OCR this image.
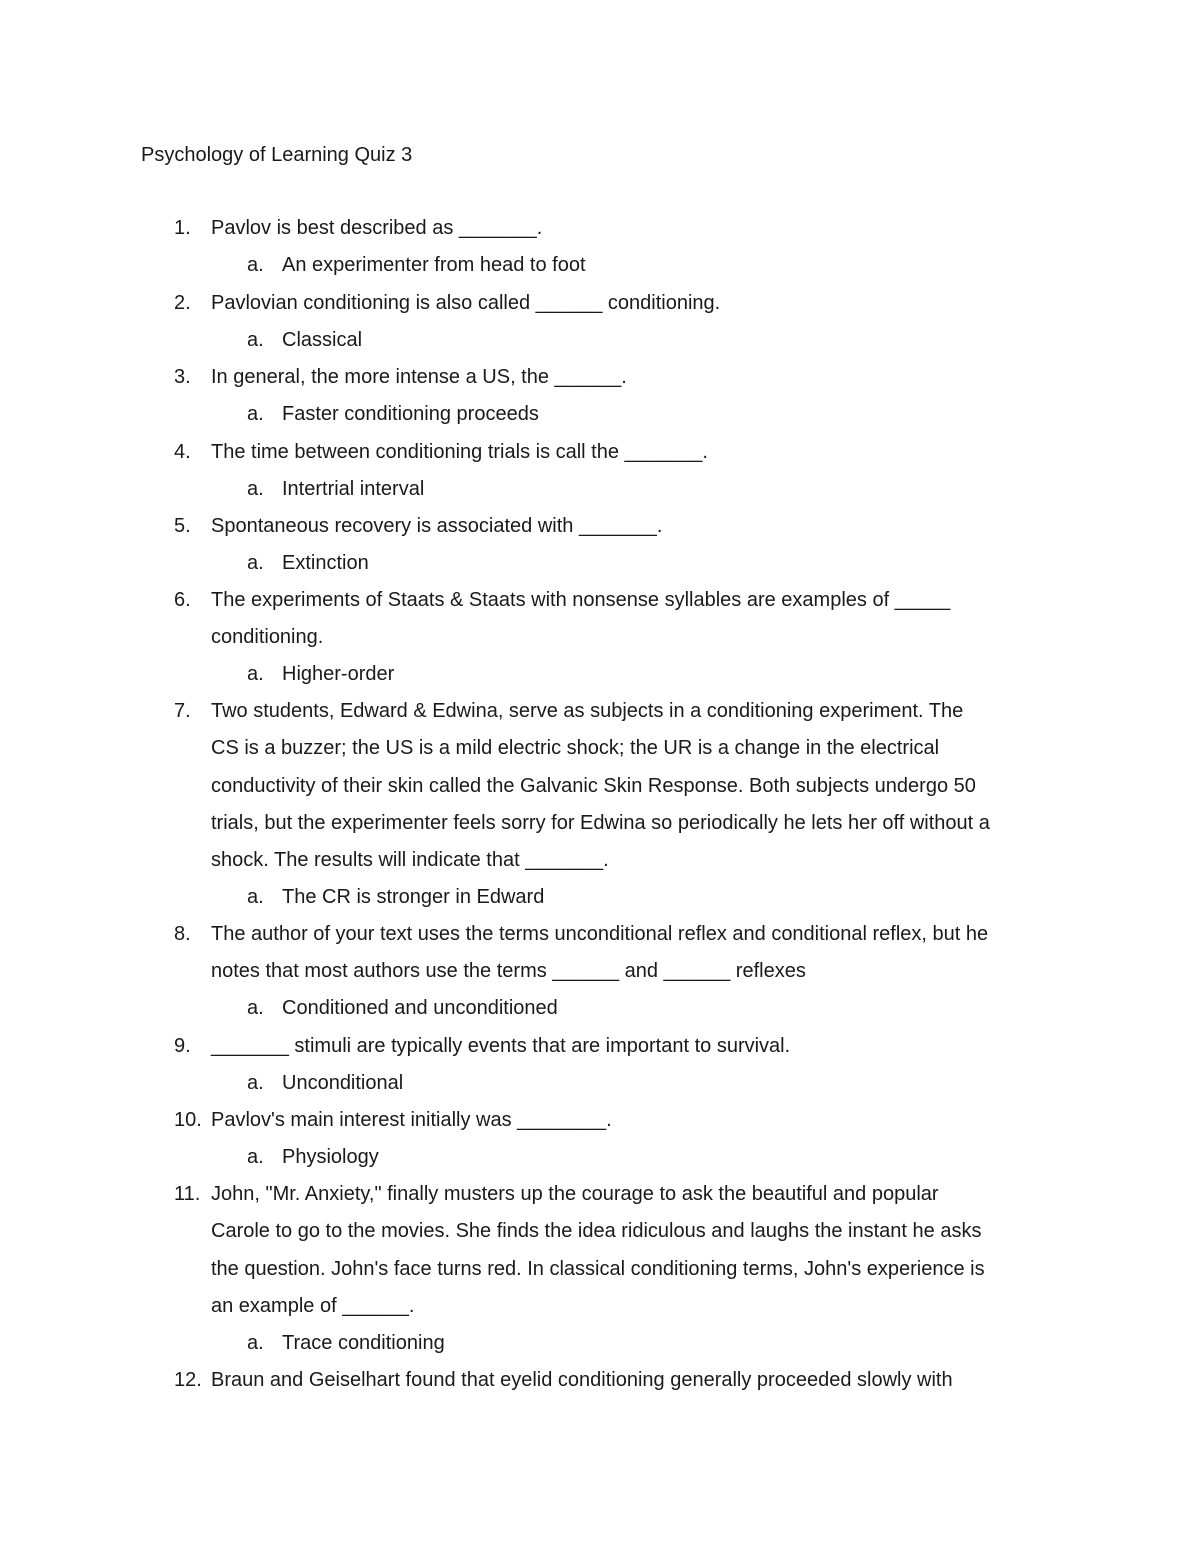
Psychology of Learning Quiz 3
1.	Pavlov is best described as _______.
a. An experimenter from head to foot
2.	Pavlovian conditioning is also called ______ conditioning.
a. Classical
3.	In general, the more intense a US, the ______.
a. Faster conditioning proceeds
4.	The time between conditioning trials is call the _______.
a. Intertrial interval
5.	Spontaneous recovery is associated with _______.
a. Extinction
6.	The experiments of Staats & Staats with nonsense syllables are examples of _____
conditioning.
a. Higher-order
7.	Two students, Edward & Edwina, serve as subjects in a conditioning experiment. The
CS is a buzzer; the US is a mild electric shock; the UR is a change in the electrical
conductivity of their skin called the Galvanic Skin Response. Both subjects undergo 50
trials, but the experimenter feels sorry for Edwina so periodically he lets her off without a
shock. The results will indicate that _______.
a. The CR is stronger in Edward
8.	The author of your text uses the terms unconditional reflex and conditional reflex, but he
notes that most authors use the terms ______ and ______ reflexes
a. Conditioned and unconditioned
9.	_______ stimuli are typically events that are important to survival.
a. Unconditional
10. Pavlov's main interest initially was ________.
a. Physiology
11. John, "Mr. Anxiety," finally musters up the courage to ask the beautiful and popular
Carole to go to the movies. She finds the idea ridiculous and laughs the instant he asks
the question. John's face turns red. In classical conditioning terms, John's experience is
an example of ______.
a. Trace conditioning
12. Braun and Geiselhart found that eyelid conditioning generally proceeded slowly with
